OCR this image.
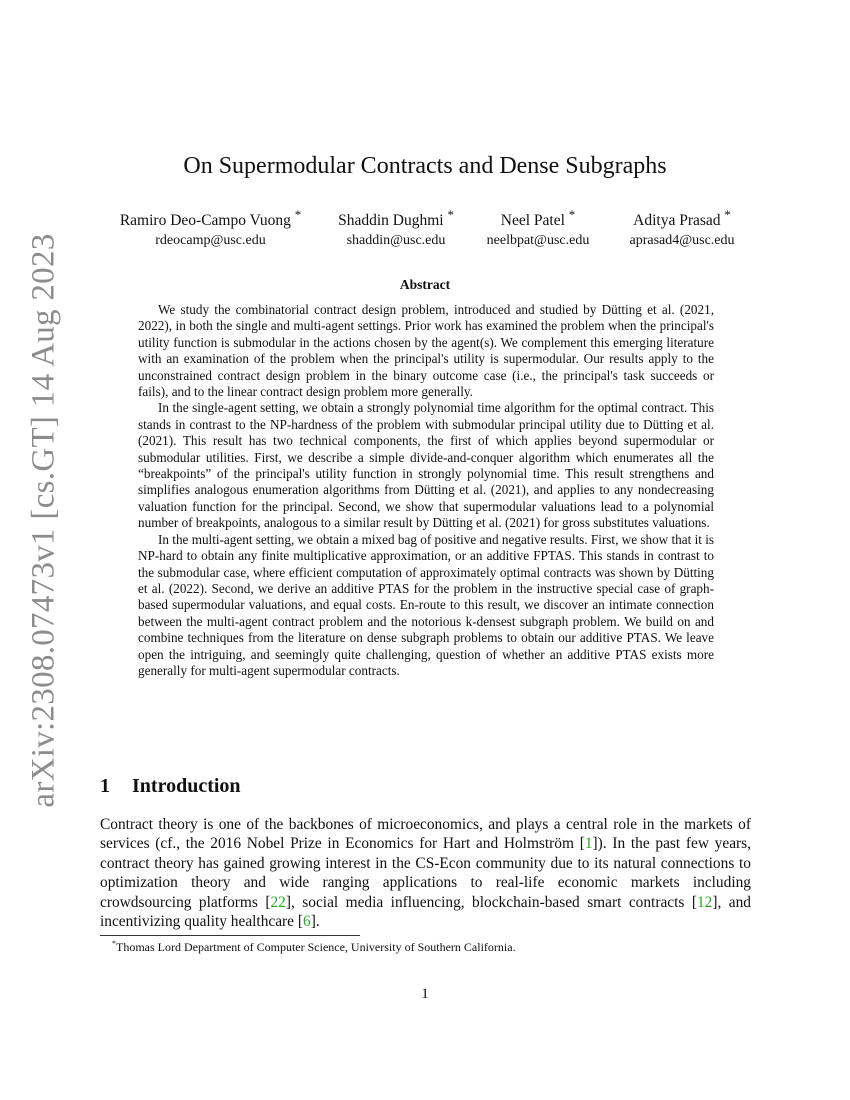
arXiv:2308.07473v1 [cs.GT] 14 Aug 2023
On Supermodular Contracts and Dense Subgraphs
Ramiro Deo-Campo Vuong *
rdeocamp@usc.edu
Shaddin Dughmi *
shaddin@usc.edu
Neel Patel *
neelbpat@usc.edu
Aditya Prasad *
aprasad4@usc.edu
Abstract

We study the combinatorial contract design problem, introduced and studied by Dütting et al. (2021, 2022), in both the single and multi-agent settings. Prior work has examined the problem when the principal's utility function is submodular in the actions chosen by the agent(s). We complement this emerging literature with an examination of the problem when the principal's utility is supermodular. Our results apply to the unconstrained contract design problem in the binary outcome case (i.e., the principal's task succeeds or fails), and to the linear contract design problem more generally.

In the single-agent setting, we obtain a strongly polynomial time algorithm for the optimal contract. This stands in contrast to the NP-hardness of the problem with submodular principal utility due to Dütting et al. (2021). This result has two technical components, the first of which applies beyond supermodular or submodular utilities. First, we describe a simple divide-and-conquer algorithm which enumerates all the “breakpoints” of the principal's utility function in strongly polynomial time. This result strengthens and simplifies analogous enumeration algorithms from Dütting et al. (2021), and applies to any nondecreasing valuation function for the principal. Second, we show that supermodular valuations lead to a polynomial number of breakpoints, analogous to a similar result by Dütting et al. (2021) for gross substitutes valuations.

In the multi-agent setting, we obtain a mixed bag of positive and negative results. First, we show that it is NP-hard to obtain any finite multiplicative approximation, or an additive FPTAS. This stands in contrast to the submodular case, where efficient computation of approximately optimal contracts was shown by Dütting et al. (2022). Second, we derive an additive PTAS for the problem in the instructive special case of graph-based supermodular valuations, and equal costs. En-route to this result, we discover an intimate connection between the multi-agent contract problem and the notorious k-densest subgraph problem. We build on and combine techniques from the literature on dense subgraph problems to obtain our additive PTAS. We leave open the intriguing, and seemingly quite challenging, question of whether an additive PTAS exists more generally for multi-agent supermodular contracts.

1 Introduction

Contract theory is one of the backbones of microeconomics, and plays a central role in the markets of services (cf., the 2016 Nobel Prize in Economics for Hart and Holmström [1]). In the past few years, contract theory has gained growing interest in the CS-Econ community due to its natural connections to optimization theory and wide ranging applications to real-life economic markets including crowdsourcing platforms [22], social media influencing, blockchain-based smart contracts [12], and incentivizing quality healthcare [6].

*Thomas Lord Department of Computer Science, University of Southern California.
1
